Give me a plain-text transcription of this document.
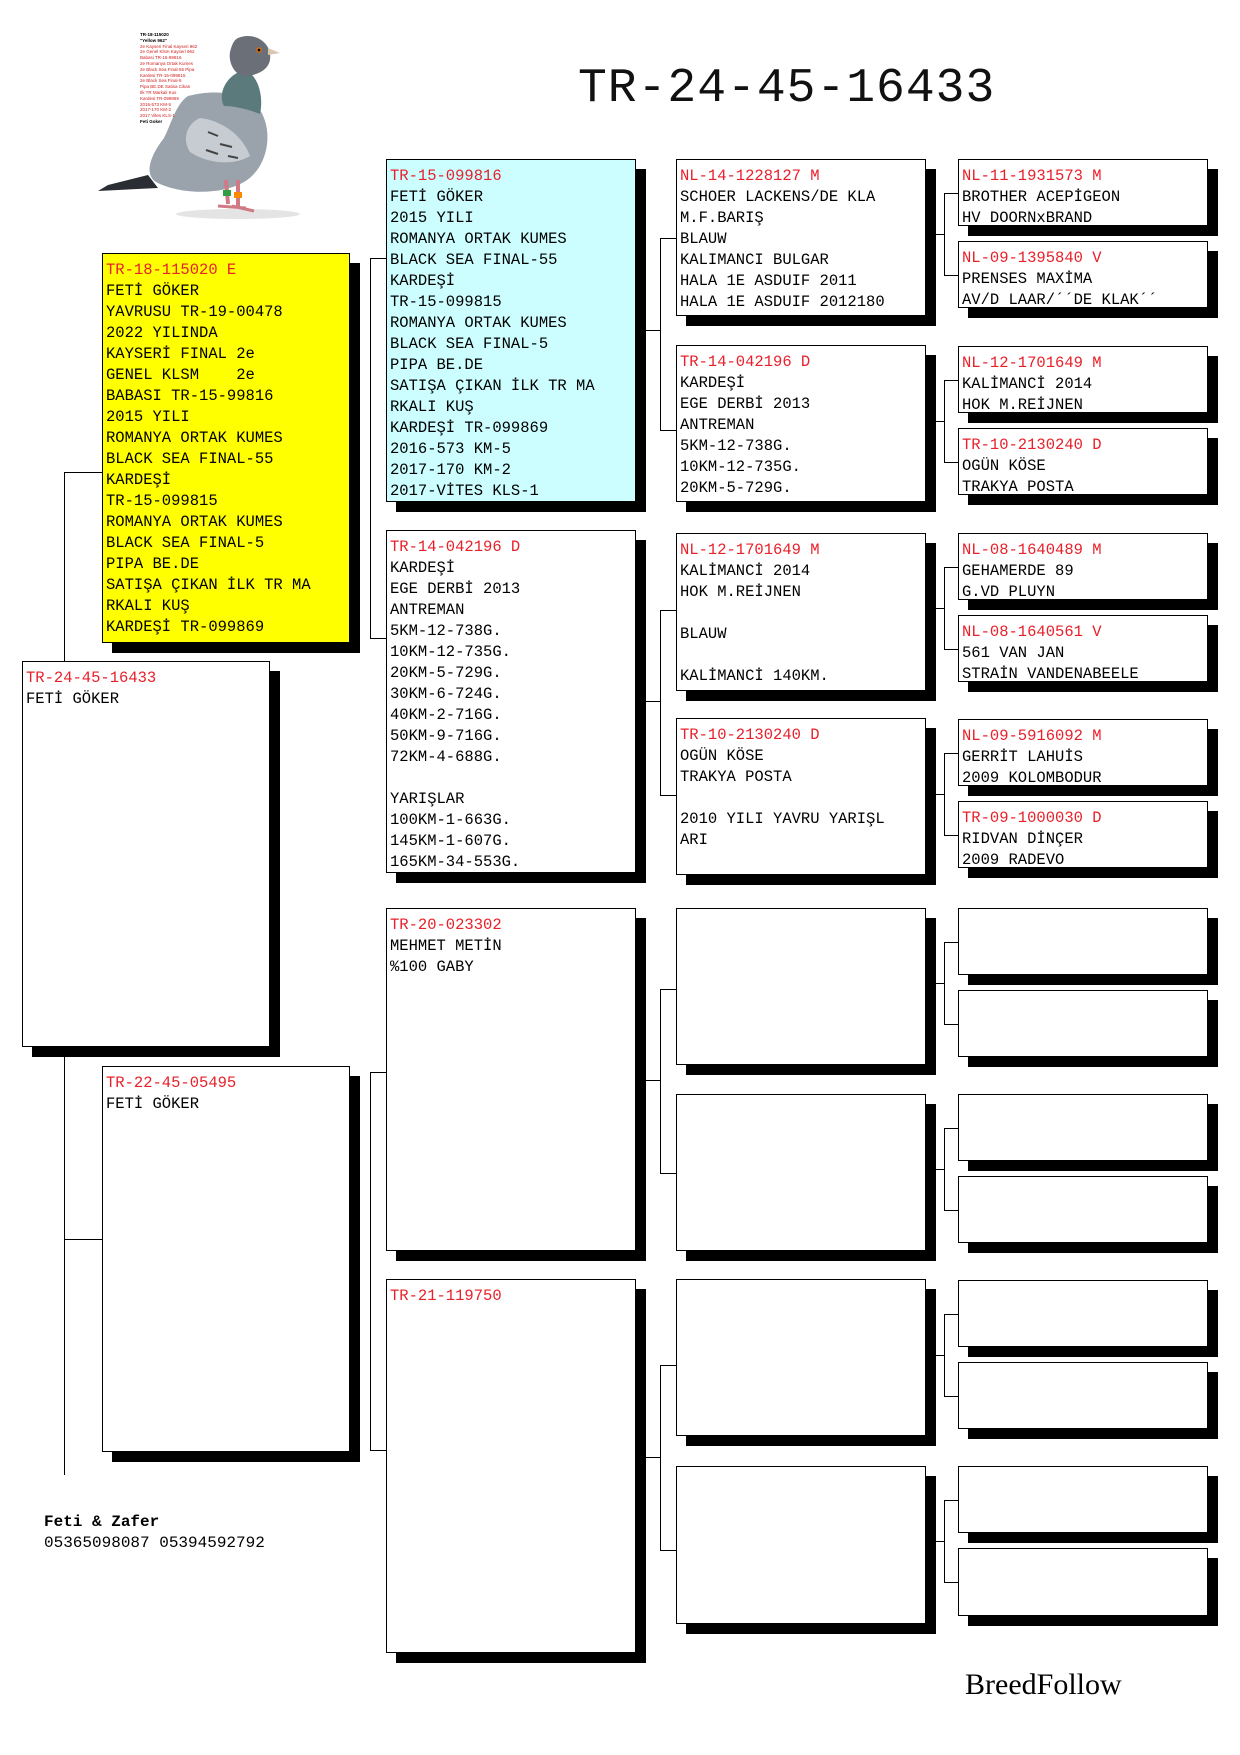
TR-24-45-16433
TR-18-115020
"Yellow 962"
2e Kayseri Final Kayseri 962
2e Genel Klsm Kayseri 962
Babasi TR-15-99816
2e Romanya Ortak Kumes
2e Black Sea Final-55 Pipa
Kardesi TR-15-099815
2e Black Sea Final-5
Pipa BE.DE Satisa Cikan
Ilk TR Markali Kus
Kardesi TR-099869
2016-573 KM-5
2017-170 KM-2
2017 Vites KLS-1
Feti Goker
TR-24-45-16433
FETİ GÖKER
TR-18-115020 E
FETİ GÖKER
YAVRUSU TR-19-00478
2022 YILINDA
KAYSERİ FINAL 2e
GENEL KLSM    2e
BABASI TR-15-99816
2015 YILI
ROMANYA ORTAK KUMES
BLACK SEA FINAL-55
KARDEŞİ
TR-15-099815
ROMANYA ORTAK KUMES
BLACK SEA FINAL-5
PIPA BE.DE
SATIŞA ÇIKAN İLK TR MA
RKALI KUŞ
KARDEŞİ TR-099869
TR-22-45-05495
FETİ GÖKER
TR-15-099816
FETİ GÖKER
2015 YILI
ROMANYA ORTAK KUMES
BLACK SEA FINAL-55
KARDEŞİ
TR-15-099815
ROMANYA ORTAK KUMES
BLACK SEA FINAL-5
PIPA BE.DE
SATIŞA ÇIKAN İLK TR MA
RKALI KUŞ
KARDEŞİ TR-099869
2016-573 KM-5
2017-170 KM-2
2017-VİTES KLS-1
TR-14-042196 D
KARDEŞİ
EGE DERBİ 2013
ANTREMAN
5KM-12-738G.
10KM-12-735G.
20KM-5-729G.
30KM-6-724G.
40KM-2-716G.
50KM-9-716G.
72KM-4-688G.
YARIŞLAR
100KM-1-663G.
145KM-1-607G.
165KM-34-553G.
TR-20-023302
MEHMET METİN
%100 GABY
TR-21-119750
NL-14-1228127 M
SCHOER LACKENS/DE KLA
M.F.BARIŞ
BLAUW
KALIMANCI BULGAR
HALA 1E ASDUIF 2011
HALA 1E ASDUIF 2012180
TR-14-042196 D
KARDEŞİ
EGE DERBİ 2013
ANTREMAN
5KM-12-738G.
10KM-12-735G.
20KM-5-729G.
NL-12-1701649 M
KALİMANCİ 2014
HOK M.REİJNEN
BLAUW
KALİMANCİ 140KM.
TR-10-2130240 D
OGÜN KÖSE
TRAKYA POSTA
2010 YILI YAVRU YARIŞL
ARI
NL-11-1931573 M
BROTHER ACEPİGEON
HV DOORNxBRAND
NL-09-1395840 V
PRENSES MAXİMA
AV/D LAAR/´´DE KLAK´´
NL-12-1701649 M
KALİMANCİ 2014
HOK M.REİJNEN
TR-10-2130240 D
OGÜN KÖSE
TRAKYA POSTA
NL-08-1640489 M
GEHAMERDE 89
G.VD PLUYN
NL-08-1640561 V
561 VAN JAN
STRAİN VANDENABEELE
NL-09-5916092 M
GERRİT LAHUİS
2009 KOLOMBODUR
TR-09-1000030 D
RIDVAN DİNÇER
2009 RADEVO
Feti & Zafer
05365098087 05394592792
BreedFollow
